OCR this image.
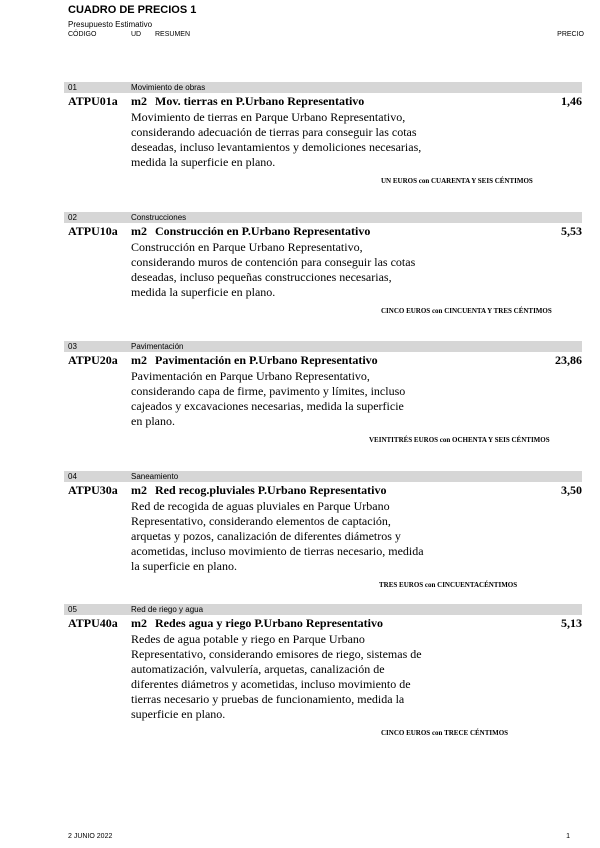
CUADRO DE PRECIOS 1
Presupuesto Estimativo
CÓDIGO	UD RESUMEN	PRECIO
01	Movimiento de obras
ATPU01a m2 Mov. tierras en P.Urbano Representativo	1,46
Movimiento de tierras en Parque Urbano Representativo,
considerando adecuación de tierras para conseguir las cotas
deseadas, incluso levantamientos y demoliciones necesarias,
medida la superficie en plano.
UN EUROS con CUARENTA Y SEIS CÉNTIMOS
02	Construcciones
ATPU10a m2 Construcción en P.Urbano Representativo	5,53
Construcción en Parque Urbano Representativo,
considerando muros de contención para conseguir las cotas
deseadas, incluso pequeñas construcciones necesarias,
medida la superficie en plano.
CINCO EUROS con CINCUENTA Y TRES CÉNTIMOS
03	Pavimentación
ATPU20a m2 Pavimentación en P.Urbano Representativo	23,86
Pavimentación en Parque Urbano Representativo,
considerando capa de firme, pavimento y límites, incluso
cajeados y excavaciones necesarias, medida la superficie
en plano.
VEINTITRÉS EUROS con OCHENTA Y SEIS CÉNTIMOS
04	Saneamiento
ATPU30a m2 Red recog.pluviales P.Urbano Representativo	3,50
Red de recogida de aguas pluviales en Parque Urbano
Representativo, considerando elementos de captación,
arquetas y pozos, canalización de diferentes diámetros y
acometidas, incluso movimiento de tierras necesario, medida
la superficie en plano.
TRES EUROS con CINCUENTACÉNTIMOS
05	Red de riego y agua
ATPU40a m2 Redes agua y riego P.Urbano Representativo	5,13
Redes de agua potable y riego en Parque Urbano
Representativo, considerando emisores de riego, sistemas de
automatización, valvulería, arquetas, canalización de
diferentes diámetros y acometidas, incluso movimiento de
tierras necesario y pruebas de funcionamiento, medida la
superficie en plano.
CINCO EUROS con TRECE CÉNTIMOS
2 JUNIO 2022	1
